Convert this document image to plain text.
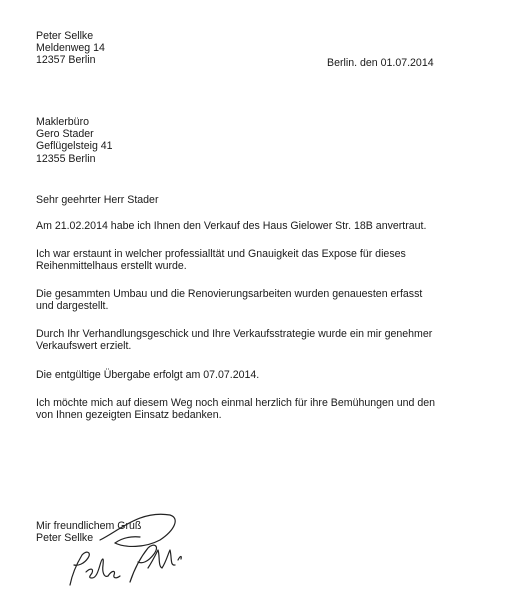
Peter Sellke
Meldenweg 14
12357 Berlin	Berlin. den 01.07.2014
Maklerbüro
Gero Stader
Geflügelsteig 41
12355 Berlin
Sehr geehrter Herr Stader
Am 21.02.2014 habe ich Ihnen den Verkauf des Haus Gielower Str. 18B anvertraut.
Ich war erstaunt in welcher professialltät und Gnauigkeit das Expose für dieses
Reihenmittelhaus erstellt wurde.
Die gesammten Umbau und die Renovierungsarbeiten wurden genauesten erfasst
und dargestellt.
Durch Ihr Verhandlungsgeschick und Ihre Verkaufsstrategie wurde ein mir genehmer
Verkaufswert erzielt.
Die entgültige Übergabe erfolgt am 07.07.2014.
Ich möchte mich auf diesem Weg noch einmal herzlich für ihre Bemühungen und den
von Ihnen gezeigten Einsatz bedanken.
Mir freundlichem Gruß
Peter Sellke
